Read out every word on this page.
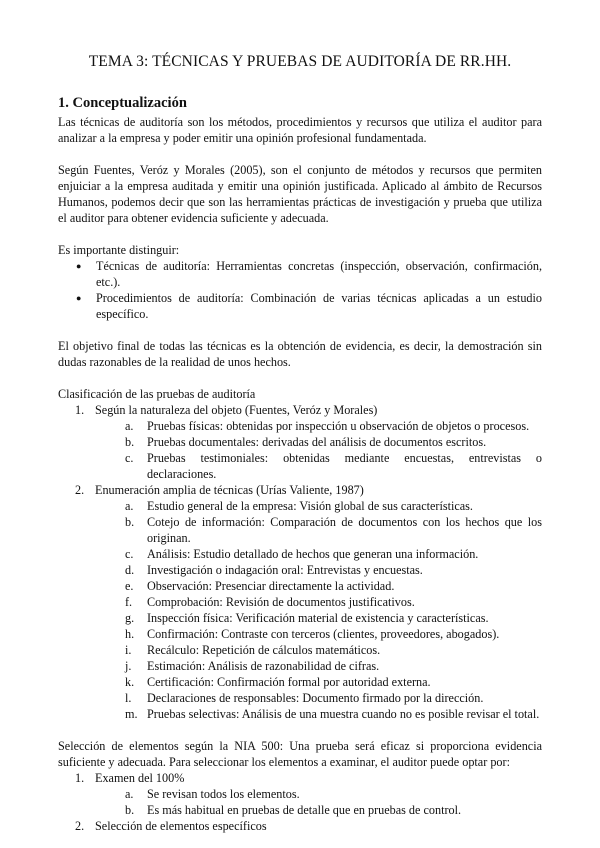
TEMA 3: TÉCNICAS Y PRUEBAS DE AUDITORÍA DE RR.HH.
1. Conceptualización

Las técnicas de auditoría son los métodos, procedimientos y recursos que utiliza el auditor para analizar a la empresa y poder emitir una opinión profesional fundamentada.

Según Fuentes, Veróz y Morales (2005), son el conjunto de métodos y recursos que permiten enjuiciar a la empresa auditada y emitir una opinión justificada. Aplicado al ámbito de Recursos Humanos, podemos decir que son las herramientas prácticas de investigación y prueba que utiliza el auditor para obtener evidencia suficiente y adecuada.

Es importante distinguir:

● Técnicas de auditoría: Herramientas concretas (inspección, observación, confirmación, etc.).
● Procedimientos de auditoría: Combinación de varias técnicas aplicadas a un estudio específico.

El objetivo final de todas las técnicas es la obtención de evidencia, es decir, la demostración sin dudas razonables de la realidad de unos hechos.

Clasificación de las pruebas de auditoría

1. Según la naturaleza del objeto (Fuentes, Veróz y Morales)
a.	Pruebas físicas: obtenidas por inspección u observación de objetos o procesos.
b.	Pruebas documentales: derivadas del análisis de documentos escritos.
c.	Pruebas testimoniales: obtenidas mediante encuestas, entrevistas o declaraciones.
2. Enumeración amplia de técnicas (Urías Valiente, 1987)
a.	Estudio general de la empresa: Visión global de sus características.
b.	Cotejo de información: Comparación de documentos con los hechos que los originan.
c.	Análisis: Estudio detallado de hechos que generan una información.
d.	Investigación o indagación oral: Entrevistas y encuestas.
e.	Observación: Presenciar directamente la actividad.
f.	Comprobación: Revisión de documentos justificativos.
g.	Inspección física: Verificación material de existencia y características.
h.	Confirmación: Contraste con terceros (clientes, proveedores, abogados).
i.	Recálculo: Repetición de cálculos matemáticos.
j.	Estimación: Análisis de razonabilidad de cifras.
k.	Certificación: Confirmación formal por autoridad externa.
l.	Declaraciones de responsables: Documento firmado por la dirección.
m. Pruebas selectivas: Análisis de una muestra cuando no es posible revisar el total.

Selección de elementos según la NIA 500: Una prueba será eficaz si proporciona evidencia suficiente y adecuada. Para seleccionar los elementos a examinar, el auditor puede optar por:

1. Examen del 100%
a.	Se revisan todos los elementos.
b.	Es más habitual en pruebas de detalle que en pruebas de control.
2. Selección de elementos específicos
